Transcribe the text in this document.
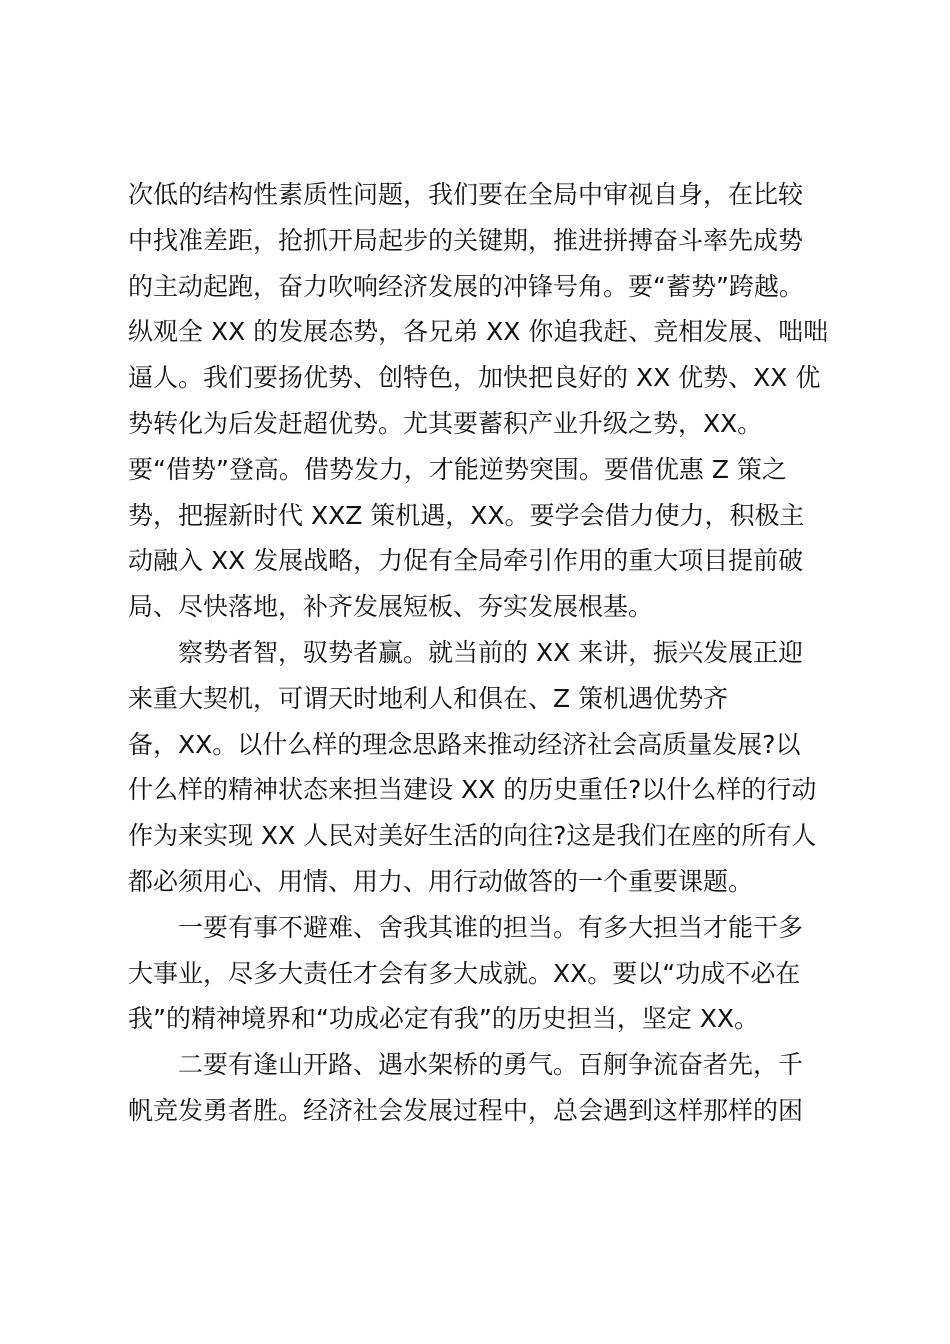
次低的结构性素质性问题，我们要在全局中审视自身，在比较
中找准差距，抢抓开局起步的关键期，推进拼搏奋斗率先成势
的主动起跑，奋力吹响经济发展的冲锋号角。要“蓄势”跨越。
纵观全 XX 的发展态势，各兄弟 XX 你追我赶、竞相发展、咄咄
逼人。我们要扬优势、创特色，加快把良好的 XX 优势、XX 优
势转化为后发赶超优势。尤其要蓄积产业升级之势，XX。
要“借势”登高。借势发力，才能逆势突围。要借优惠 Z 策之
势，把握新时代 XXZ 策机遇，XX。要学会借力使力，积极主
动融入 XX 发展战略，力促有全局牵引作用的重大项目提前破
局、尽快落地，补齐发展短板、夯实发展根基。
察势者智，驭势者赢。就当前的 XX 来讲，振兴发展正迎
来重大契机，可谓天时地利人和俱在、Z 策机遇优势齐
备，XX。以什么样的理念思路来推动经济社会高质量发展?以
什么样的精神状态来担当建设 XX 的历史重任?以什么样的行动
作为来实现 XX 人民对美好生活的向往?这是我们在座的所有人
都必须用心、用情、用力、用行动做答的一个重要课题。
一要有事不避难、舍我其谁的担当。有多大担当才能干多
大事业，尽多大责任才会有多大成就。XX。要以“功成不必在
我”的精神境界和“功成必定有我”的历史担当，坚定 XX。
二要有逢山开路、遇水架桥的勇气。百舸争流奋者先，千
帆竞发勇者胜。经济社会发展过程中，总会遇到这样那样的困
